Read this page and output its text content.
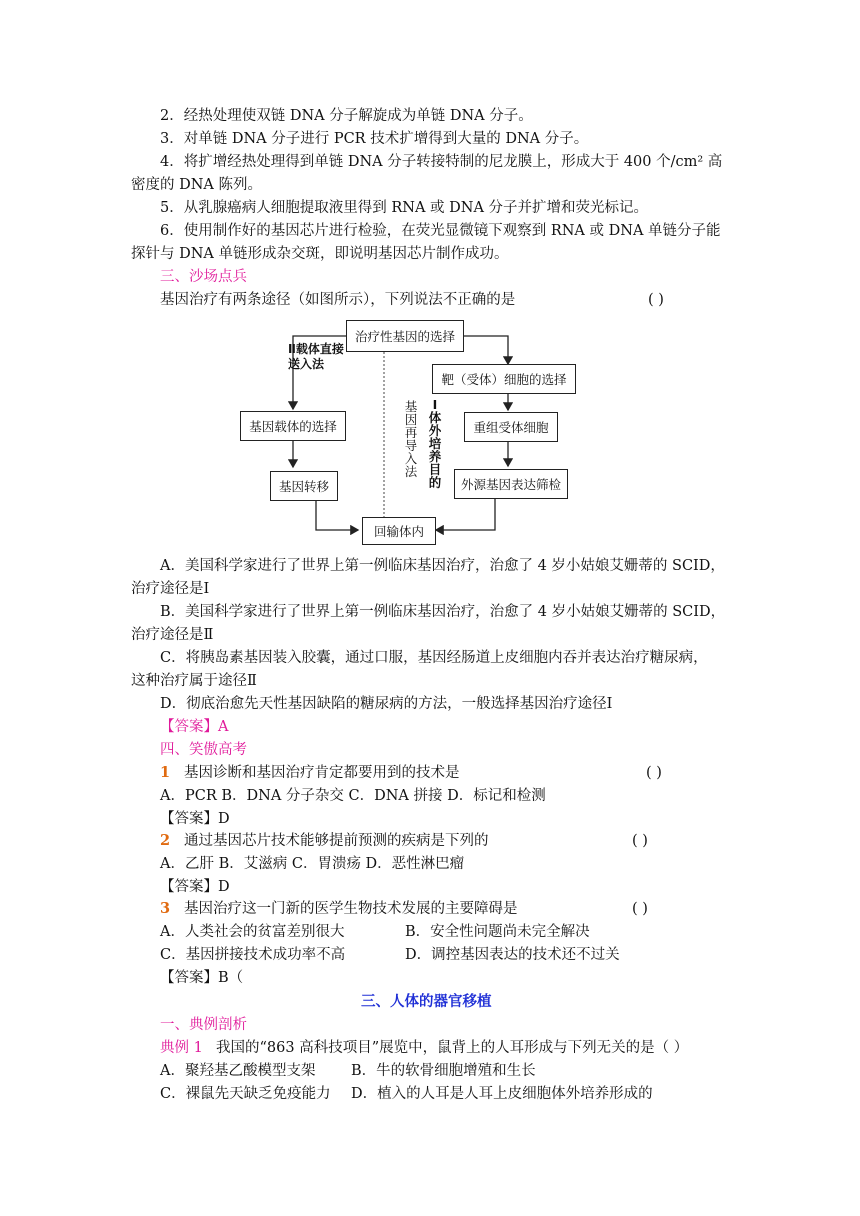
2．经热处理使双链 DNA 分子解旋成为单链 DNA 分子。
3．对单链 DNA 分子进行 PCR 技术扩增得到大量的 DNA 分子。
4．将扩增经热处理得到单链 DNA 分子转接特制的尼龙膜上，形成大于 400 个/cm² 高
密度的 DNA 陈列。
5．从乳腺癌病人细胞提取液里得到 RNA 或 DNA 分子并扩增和荧光标记。
6．使用制作好的基因芯片进行检验，在荧光显微镜下观察到 RNA 或 DNA 单链分子能
探针与 DNA 单链形成杂交斑，即说明基因芯片制作成功。
三、沙场点兵
基因治疗有两条途径（如图所示），下列说法不正确的是	( )
治疗性基因的选择
Ⅱ载体直接送入法
基因载体的选择
基因转移
靶（受体）细胞的选择
重组受体细胞
外源基因表达筛检
基因再导入法
Ⅰ体外培养目的
回输体内
A．美国科学家进行了世界上第一例临床基因治疗，治愈了 4 岁小姑娘艾姗蒂的 SCID，
治疗途径是Ⅰ
B．美国科学家进行了世界上第一例临床基因治疗，治愈了 4 岁小姑娘艾姗蒂的 SCID，
治疗途径是Ⅱ
C．将胰岛素基因装入胶囊，通过口服，基因经肠道上皮细胞内吞并表达治疗糖尿病，
这种治疗属于途径Ⅱ
D．彻底治愈先天性基因缺陷的糖尿病的方法，一般选择基因治疗途径Ⅰ
【答案】A
四、笑傲高考
1 基因诊断和基因治疗肯定都要用到的技术是	( )
A．PCR B．DNA 分子杂交 C．DNA 拼接 D．标记和检测
【答案】D
2 通过基因芯片技术能够提前预测的疾病是下列的	( )
A．乙肝 B．艾滋病 C．胃溃疡 D．恶性淋巴瘤
【答案】D
3 基因治疗这一门新的医学生物技术发展的主要障碍是	( )
A．人类社会的贫富差别很大	B．安全性问题尚未完全解决
C．基因拼接技术成功率不高	D．调控基因表达的技术还不过关
【答案】B（
三、人体的器官移植
一、典例剖析
典例 1 我国的“863 高科技项目”展览中，鼠背上的人耳形成与下列无关的是（ ）
A．聚羟基乙酸模型支架 B．牛的软骨细胞增殖和生长
C．裸鼠先天缺乏免疫能力 D．植入的人耳是人耳上皮细胞体外培养形成的
